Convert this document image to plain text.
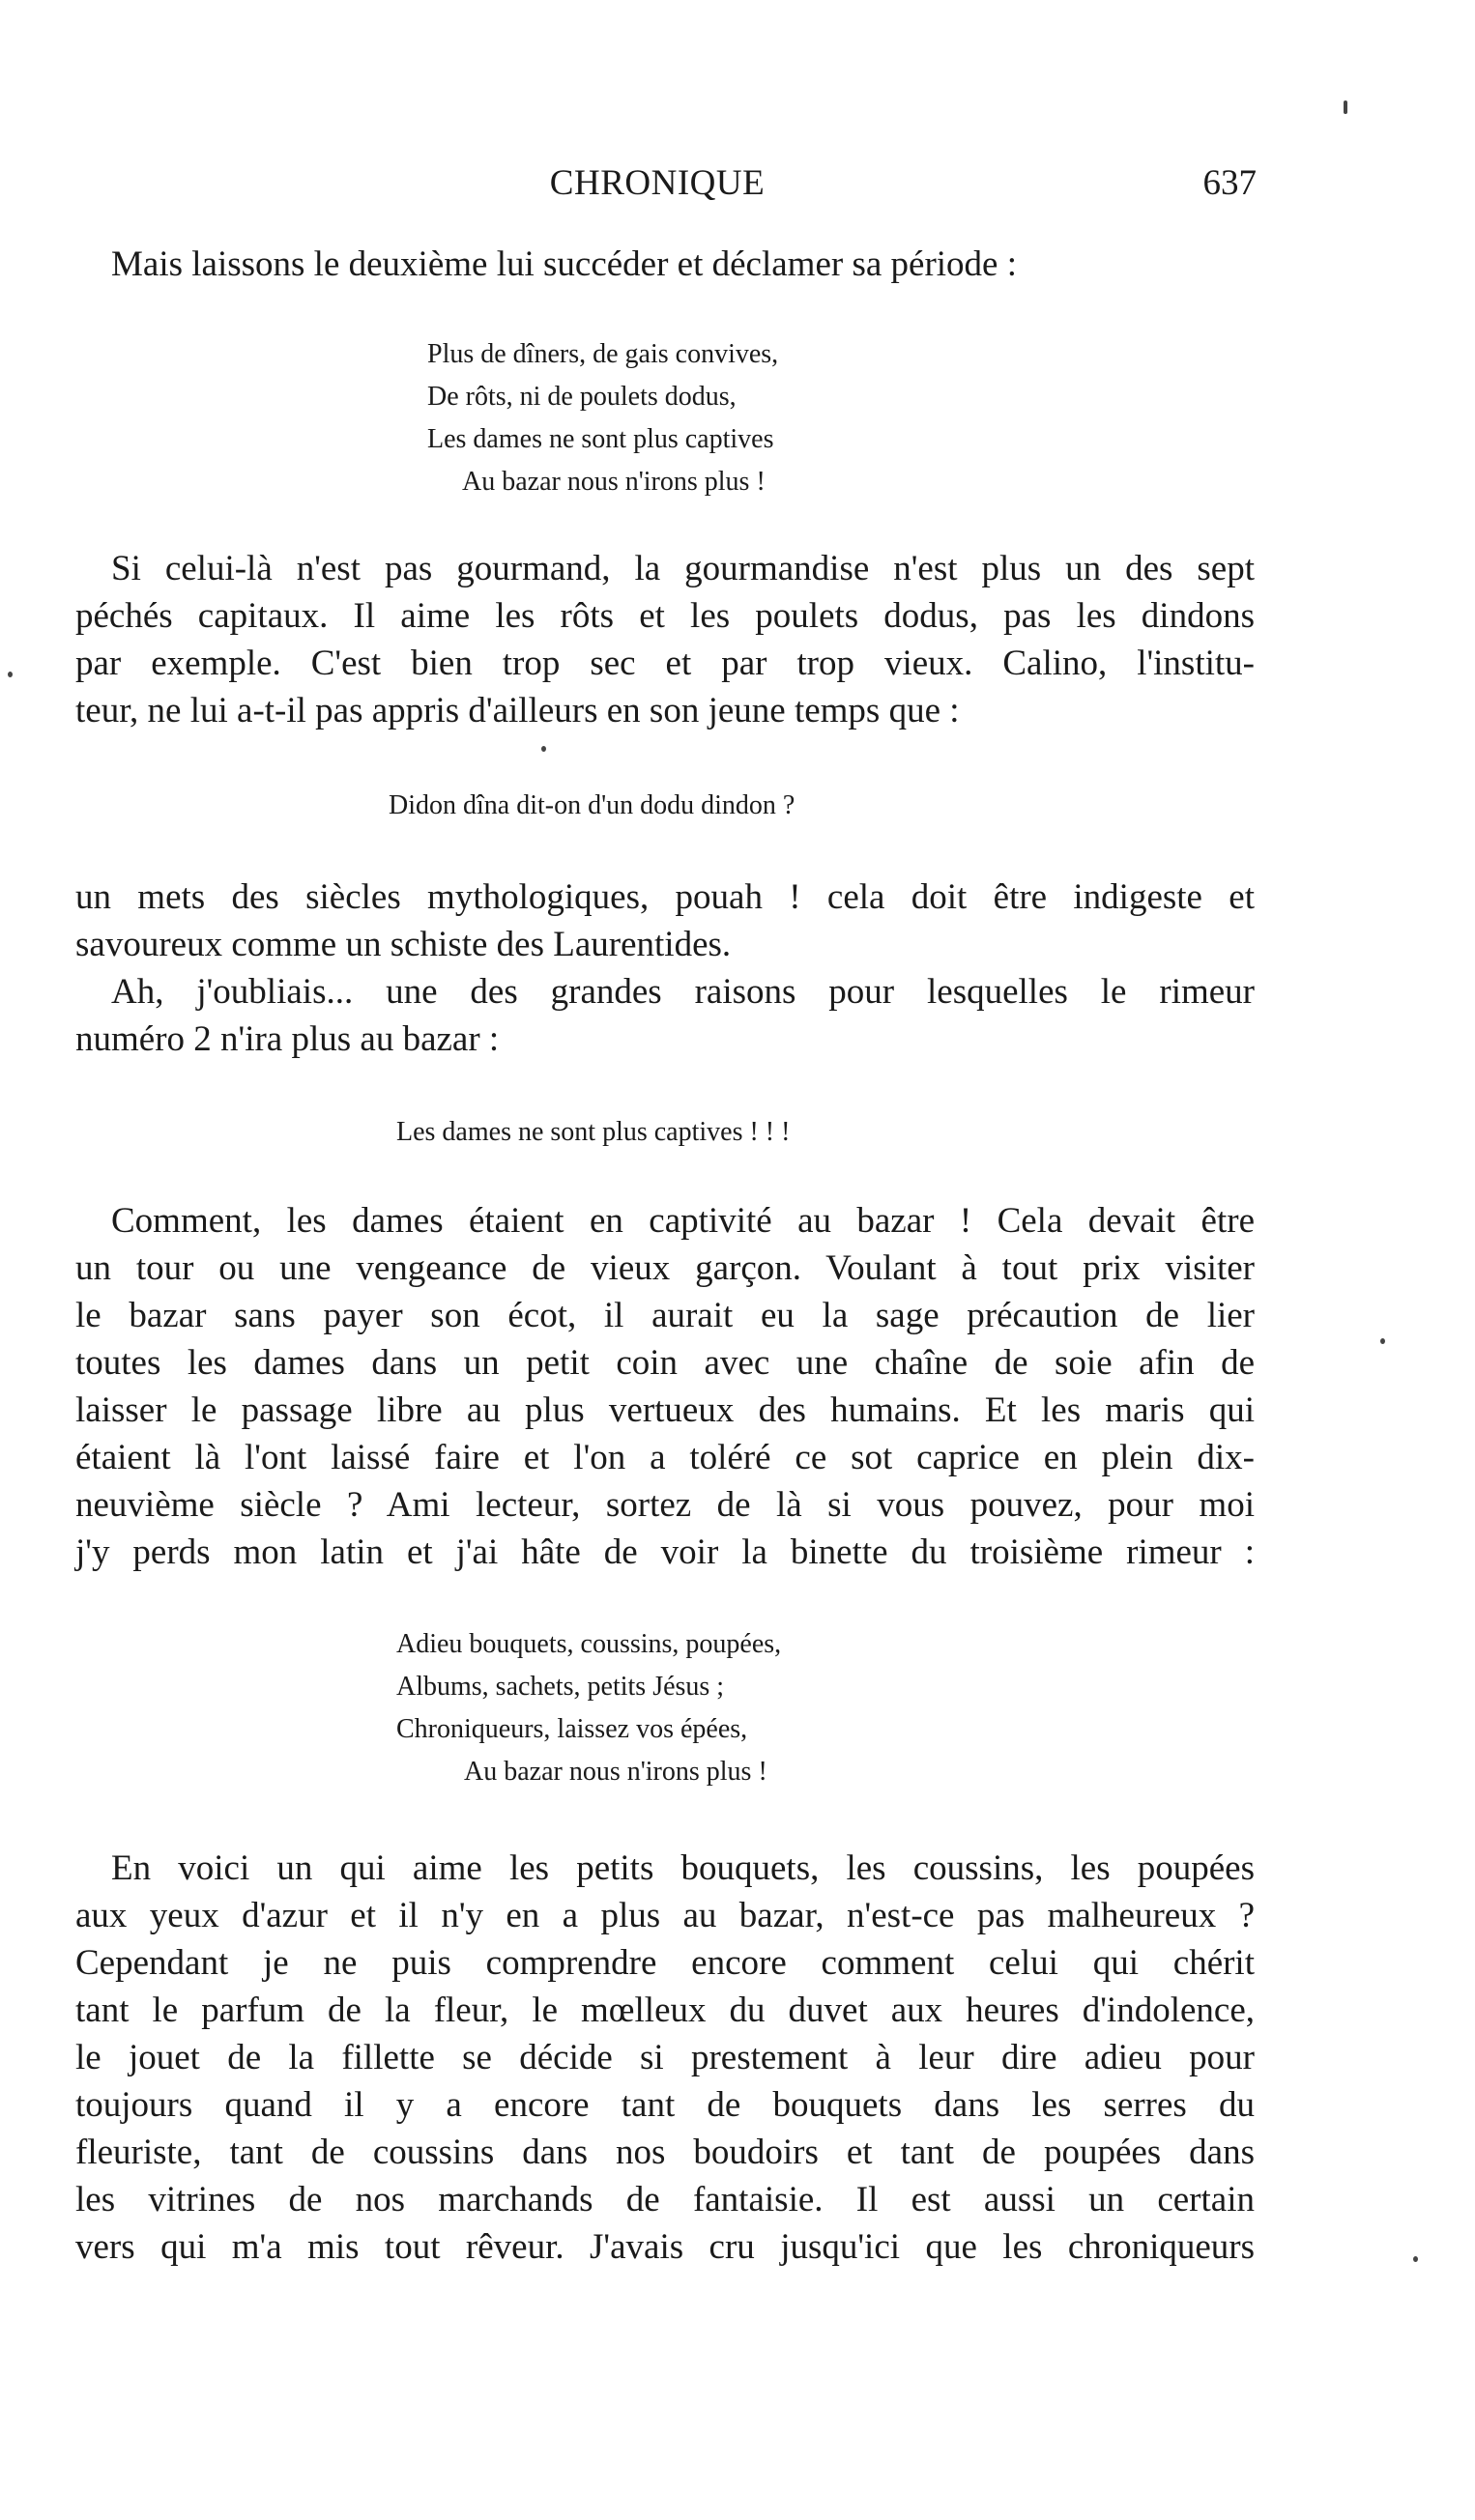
CHRONIQUE	637
Mais laissons le deuxième lui succéder et déclamer sa période :
Plus de dîners, de gais convives,
De rôts, ni de poulets dodus,
Les dames ne sont plus captives
Au bazar nous n'irons plus !
Si celui-là n'est pas gourmand, la gourmandise n'est plus un des sept
péchés capitaux. Il aime les rôts et les poulets dodus, pas les dindons
par exemple. C'est bien trop sec et par trop vieux. Calino, l'institu-
teur, ne lui a-t-il pas appris d'ailleurs en son jeune temps que :
Didon dîna dit-on d'un dodu dindon ?
un mets des siècles mythologiques, pouah ! cela doit être indigeste et
savoureux comme un schiste des Laurentides.
Ah, j'oubliais... une des grandes raisons pour lesquelles le rimeur
numéro 2 n'ira plus au bazar :
Les dames ne sont plus captives ! ! !
Comment, les dames étaient en captivité au bazar ! Cela devait être
un tour ou une vengeance de vieux garçon. Voulant à tout prix visiter
le bazar sans payer son écot, il aurait eu la sage précaution de lier
toutes les dames dans un petit coin avec une chaîne de soie afin de
laisser le passage libre au plus vertueux des humains. Et les maris qui
étaient là l'ont laissé faire et l'on a toléré ce sot caprice en plein dix-
neuvième siècle ? Ami lecteur, sortez de là si vous pouvez, pour moi
j'y perds mon latin et j'ai hâte de voir la binette du troisième rimeur :
Adieu bouquets, coussins, poupées,
Albums, sachets, petits Jésus ;
Chroniqueurs, laissez vos épées,
Au bazar nous n'irons plus !
En voici un qui aime les petits bouquets, les coussins, les poupées
aux yeux d'azur et il n'y en a plus au bazar, n'est-ce pas malheureux ?
Cependant je ne puis comprendre encore comment celui qui chérit
tant le parfum de la fleur, le mœlleux du duvet aux heures d'indolence,
le jouet de la fillette se décide si prestement à leur dire adieu pour
toujours quand il y a encore tant de bouquets dans les serres du
fleuriste, tant de coussins dans nos boudoirs et tant de poupées dans
les vitrines de nos marchands de fantaisie. Il est aussi un certain
vers qui m'a mis tout rêveur. J'avais cru jusqu'ici que les chroniqueurs
